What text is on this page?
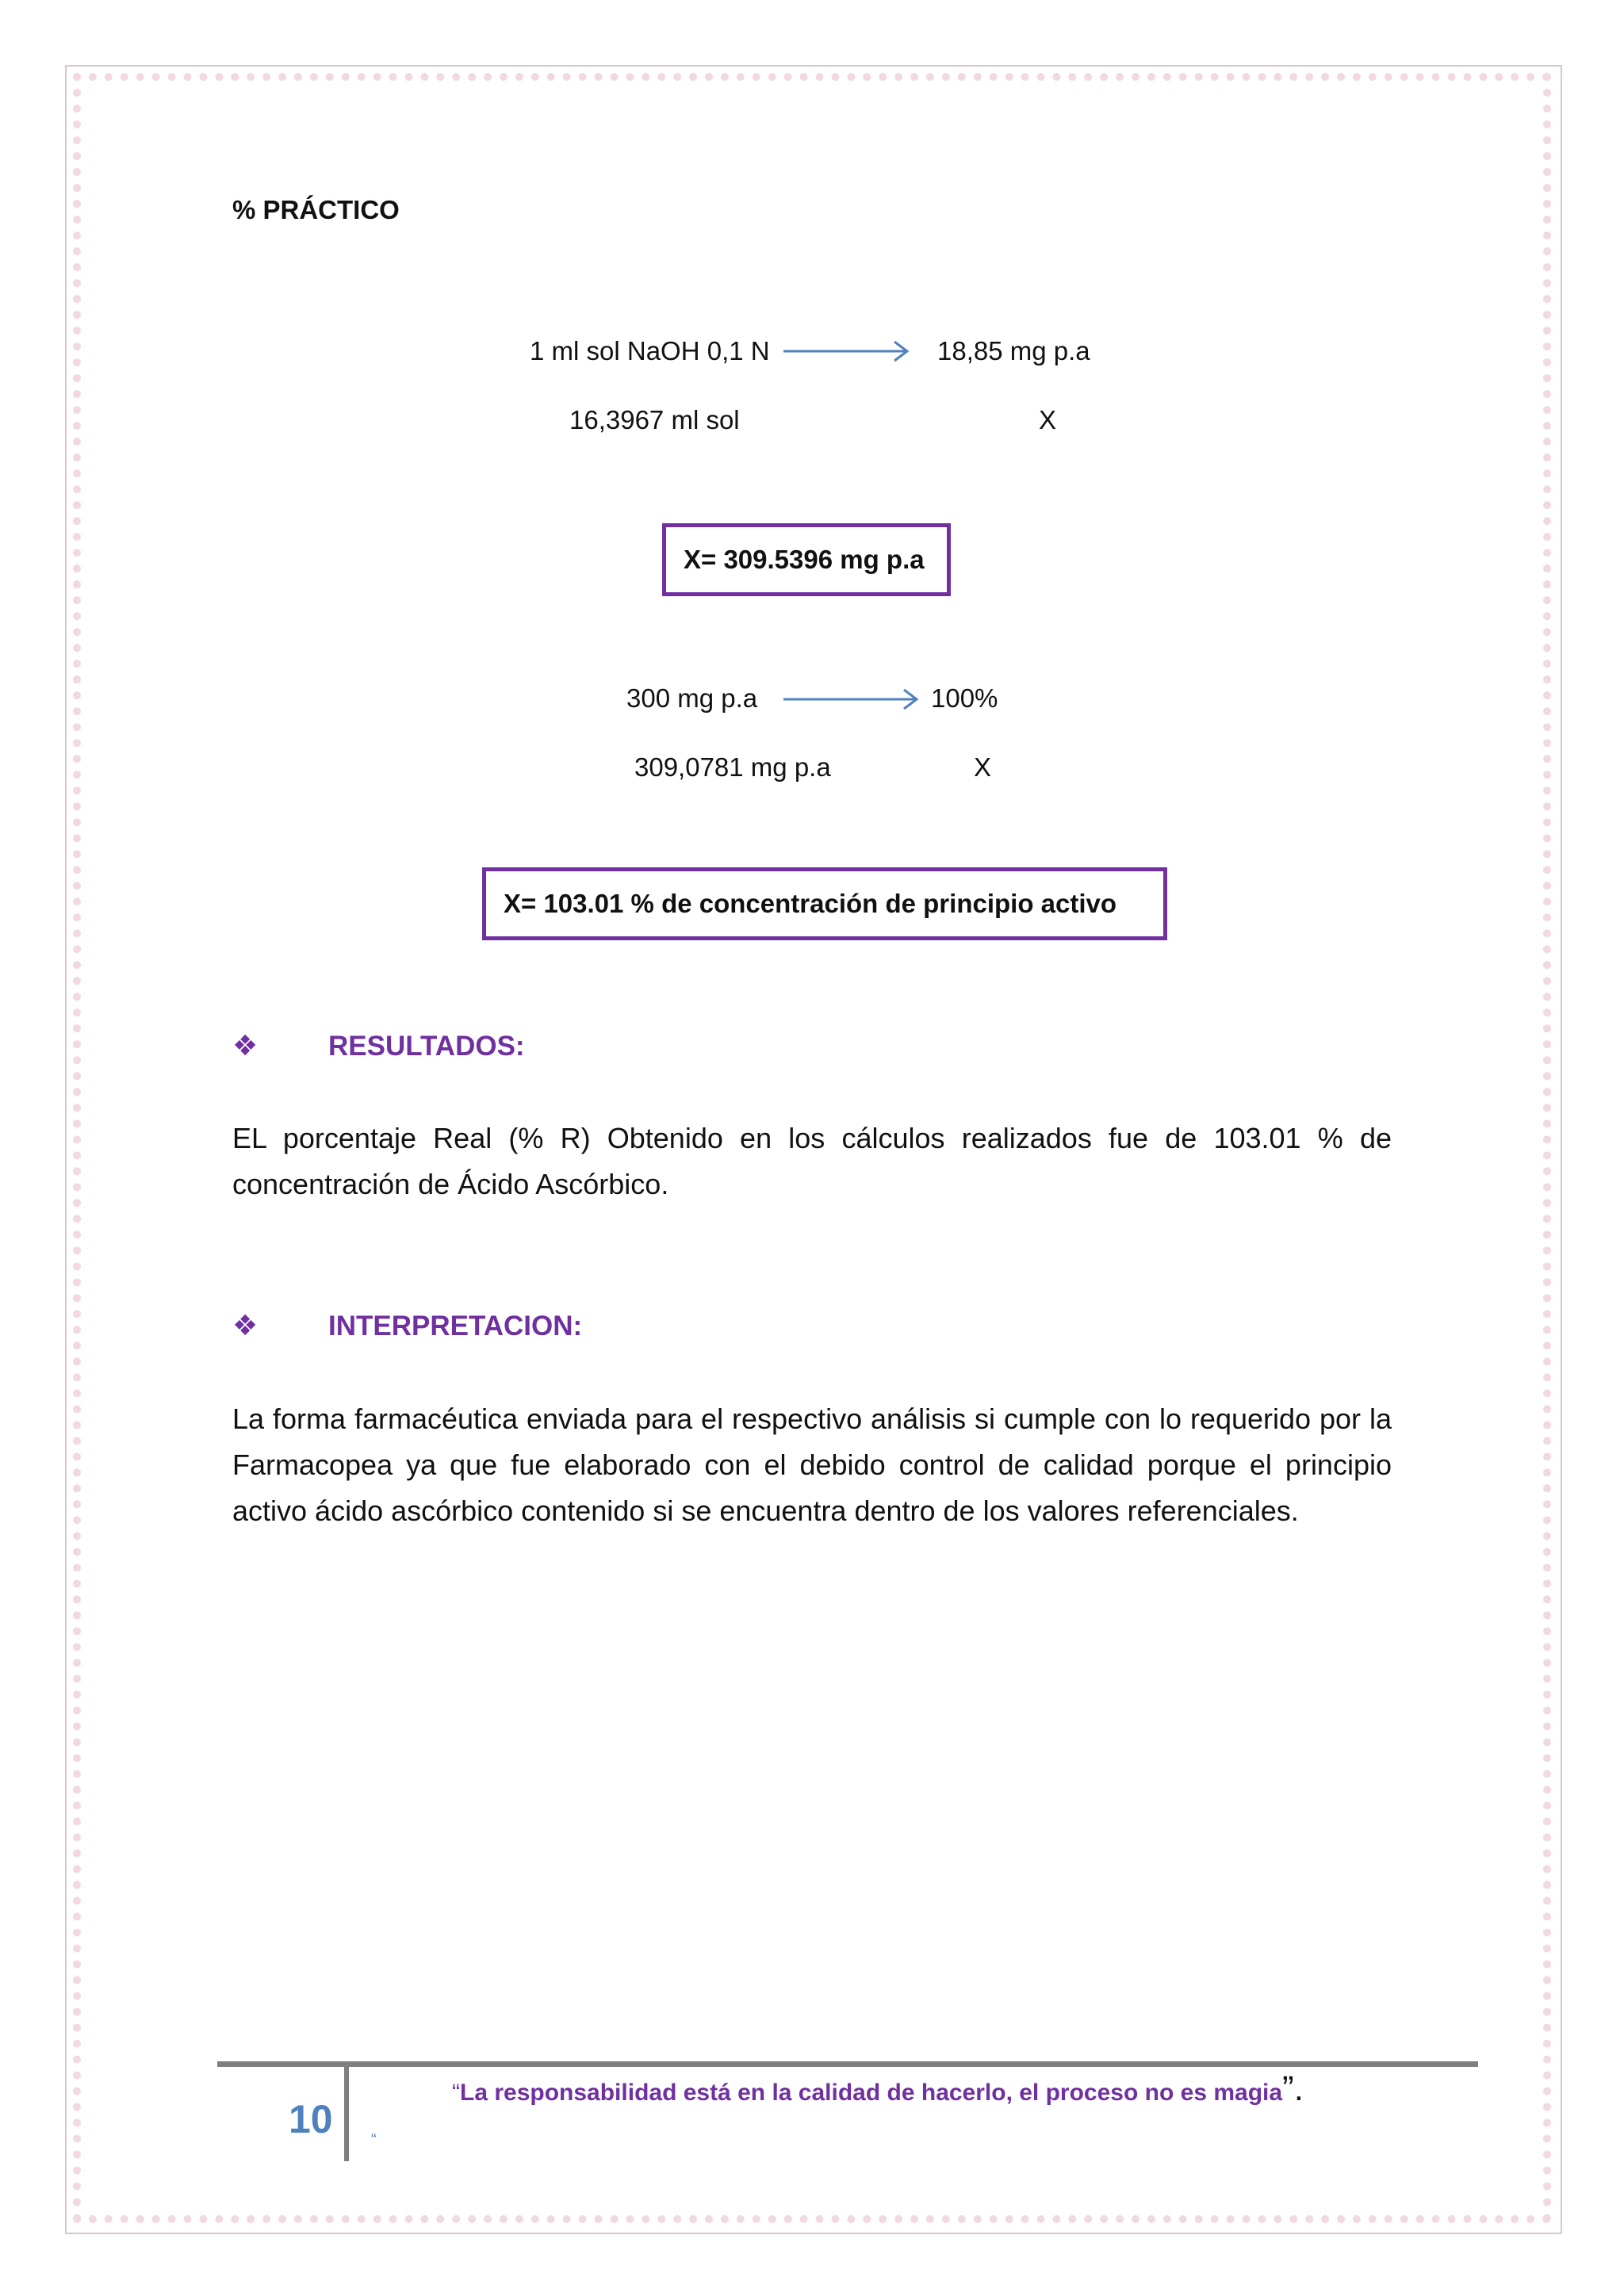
% PRÁCTICO
1 ml sol NaOH 0,1 N	18,85 mg p.a
16,3967 ml sol	X
X= 309.5396 mg p.a
300 mg p.a	100%
309,0781 mg p.a	X
X= 103.01 % de concentración de principio activo
❖	RESULTADOS:
EL porcentaje Real (% R) Obtenido en los cálculos realizados fue de 103.01 % de concentración de Ácido Ascórbico.
❖	INTERPRETACION:
La forma farmacéutica enviada para el respectivo análisis si cumple con lo requerido por la Farmacopea ya que fue elaborado con el debido control de calidad porque el principio activo ácido ascórbico contenido si se encuentra dentro de los valores referenciales.
10
“La responsabilidad está en la calidad de hacerlo, el proceso no es magia”.
“
